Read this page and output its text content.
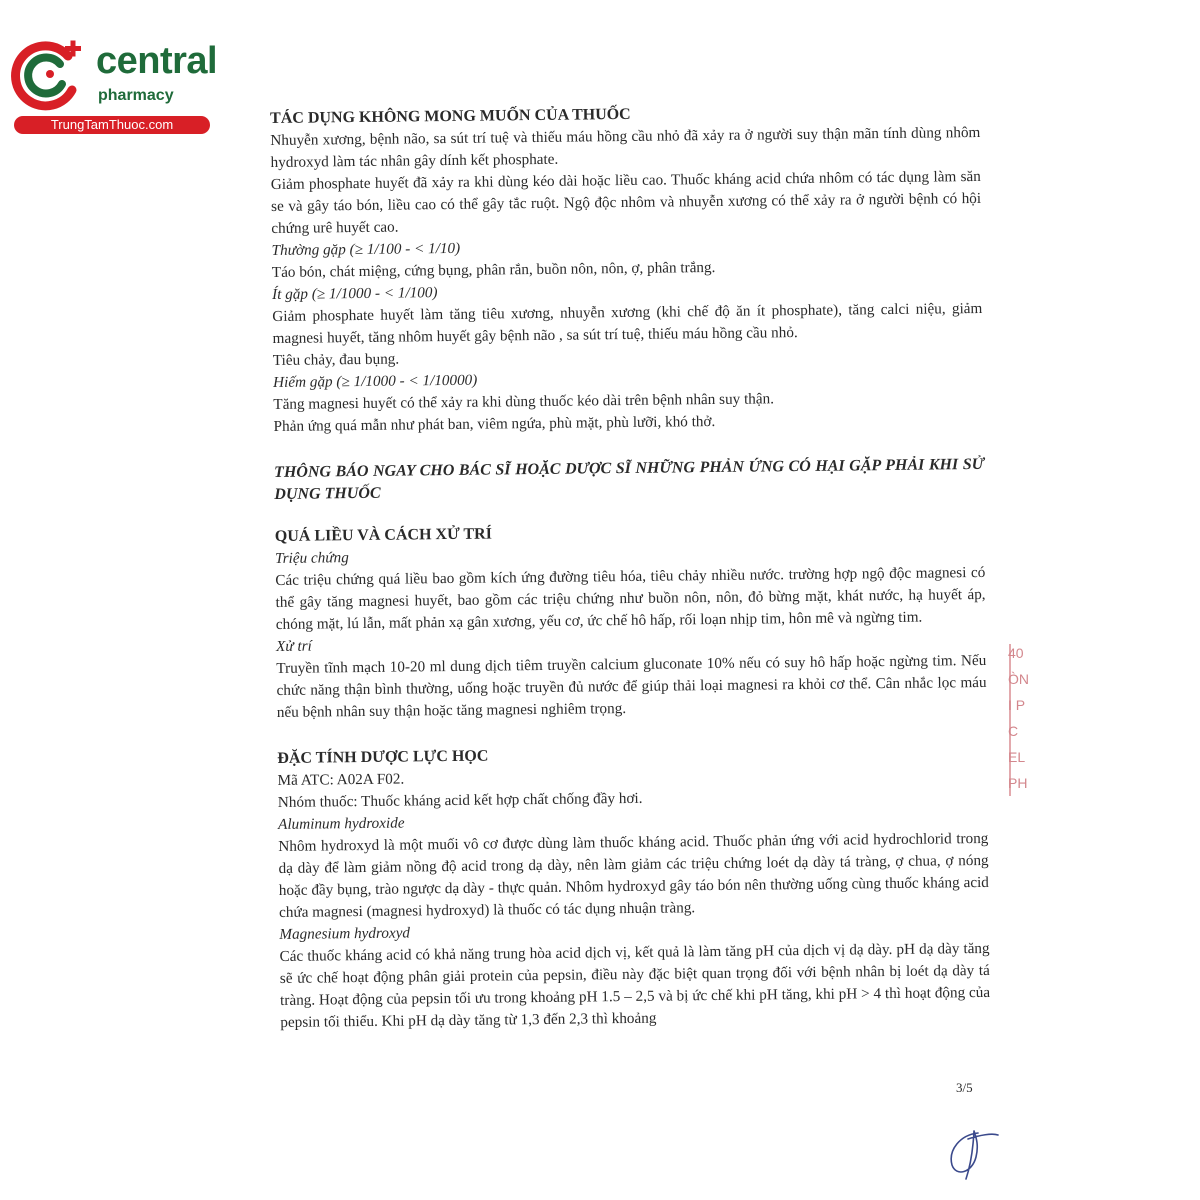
central
pharmacy
TrungTamThuoc.com	TÁC DỤNG KHÔNG MONG MUỐN CỦA THUỐC

Nhuyễn xương, bệnh não, sa sút trí tuệ và thiếu máu hồng cầu nhỏ đã xảy ra ở người suy thận mãn tính dùng nhôm hydroxyd làm tác nhân gây dính kết phosphate.

Giảm phosphate huyết đã xảy ra khi dùng kéo dài hoặc liều cao. Thuốc kháng acid chứa nhôm có tác dụng làm săn se và gây táo bón, liều cao có thể gây tắc ruột. Ngộ độc nhôm và nhuyễn xương có thể xảy ra ở người bệnh có hội chứng urê huyết cao.

Thường gặp (≥ 1/100 - < 1/10)

Táo bón, chát miệng, cứng bụng, phân rắn, buồn nôn, nôn, ợ, phân trắng.

Ít gặp (≥ 1/1000 - < 1/100)

Giảm phosphate huyết làm tăng tiêu xương, nhuyễn xương (khi chế độ ăn ít phosphate), tăng calci niệu, giảm magnesi huyết, tăng nhôm huyết gây bệnh não , sa sút trí tuệ, thiếu máu hồng cầu nhỏ.

Tiêu chảy, đau bụng.

Hiếm gặp (≥ 1/1000 - < 1/10000)

Tăng magnesi huyết có thể xảy ra khi dùng thuốc kéo dài trên bệnh nhân suy thận.

Phản ứng quá mẫn như phát ban, viêm ngứa, phù mặt, phù lưỡi, khó thở.

THÔNG BÁO NGAY CHO BÁC SĨ HOẶC DƯỢC SĨ NHỮNG PHẢN ỨNG CÓ HẠI GẶP PHẢI KHI SỬ DỤNG THUỐC

QUÁ LIỀU VÀ CÁCH XỬ TRÍ

Triệu chứng

Các triệu chứng quá liều bao gồm kích ứng đường tiêu hóa, tiêu chảy nhiều nước. trường hợp ngộ độc magnesi có thể gây tăng magnesi huyết, bao gồm các triệu chứng như buồn nôn, nôn, đỏ bừng mặt, khát nước, hạ huyết áp, chóng mặt, lú lẫn, mất phản xạ gân xương, yếu cơ, ức chế hô hấp, rối loạn nhịp tim, hôn mê và ngừng tim.

Xử trí

Truyền tĩnh mạch 10-20 ml dung dịch tiêm truyền calcium gluconate 10% nếu có suy hô hấp hoặc ngừng tim. Nếu chức năng thận bình thường, uống hoặc truyền đủ nước để giúp thải loại magnesi ra khỏi cơ thể. Cân nhắc lọc máu nếu bệnh nhân suy thận hoặc tăng magnesi nghiêm trọng.

ĐẶC TÍNH DƯỢC LỰC HỌC

Mã ATC: A02A F02.

Nhóm thuốc: Thuốc kháng acid kết hợp chất chống đầy hơi.

Aluminum hydroxide

Nhôm hydroxyd là một muối vô cơ được dùng làm thuốc kháng acid. Thuốc phản ứng với acid hydrochlorid trong dạ dày để làm giảm nồng độ acid trong dạ dày, nên làm giảm các triệu chứng loét dạ dày tá tràng, ợ chua, ợ nóng hoặc đầy bụng, trào ngược dạ dày - thực quản. Nhôm hydroxyd gây táo bón nên thường uống cùng thuốc kháng acid chứa magnesi (magnesi hydroxyd) là thuốc có tác dụng nhuận tràng.

Magnesium hydroxyd

Các thuốc kháng acid có khả năng trung hòa acid dịch vị, kết quả là làm tăng pH của dịch vị dạ dày. pH dạ dày tăng sẽ ức chế hoạt động phân giải protein của pepsin, điều này đặc biệt quan trọng đối với bệnh nhân bị loét dạ dày tá tràng. Hoạt động của pepsin tối ưu trong khoảng pH 1.5 – 2,5 và bị ức chế khi pH tăng, khi pH > 4 thì hoạt động của pepsin tối thiểu. Khi pH dạ dày tăng từ 1,3 đến 2,3 thì khoảng

40
ÒN
I P
C
EL
PH
3/5
